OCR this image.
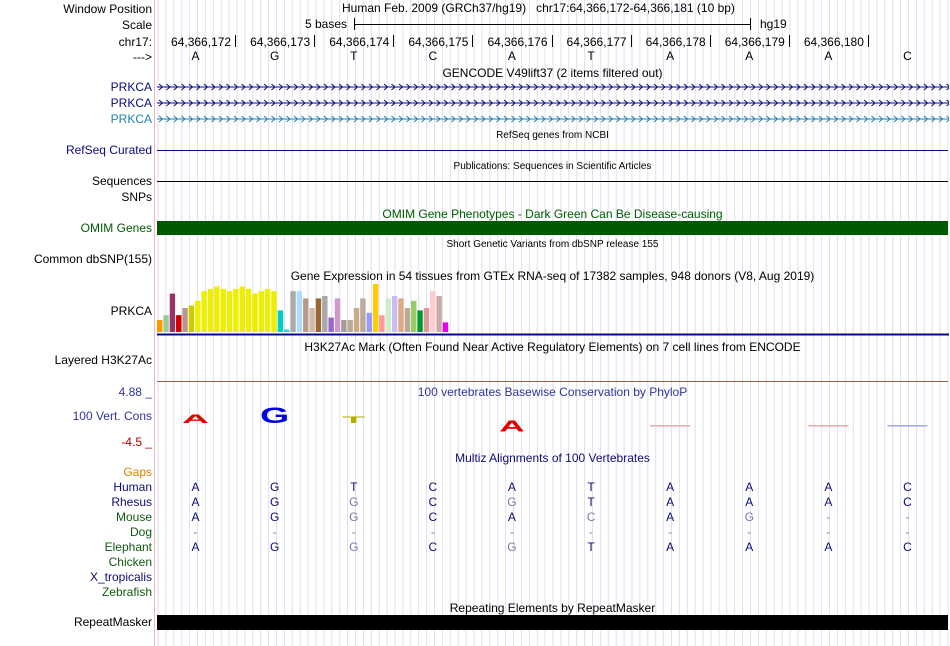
Window Position	Human Feb. 2009 (GRCh37/hg19)   chr17:64,366,172-64,366,181 (10 bp)
Scale	5 bases	hg19
chr17:	64,366,172	64,366,173	64,366,174	64,366,175	64,366,176	64,366,177	64,366,178	64,366,179	64,366,180
--->	A	G	T	C	A	T	A	A	A	C
GENCODE V49lift37 (2 items filtered out)
PRKCA
PRKCA
PRKCA
RefSeq genes from NCBI
RefSeq Curated
Publications: Sequences in Scientific Articles
Sequences
SNPs
OMIM Gene Phenotypes - Dark Green Can Be Disease-causing
OMIM Genes
Short Genetic Variants from dbSNP release 155
Common dbSNP(155)
Gene Expression in 54 tissues from GTEx RNA-seq of 17382 samples, 948 donors (V8, Aug 2019)
PRKCA
H3K27Ac Mark (Often Found Near Active Regulatory Elements) on 7 cell lines from ENCODE
Layered H3K27Ac
100 vertebrates Basewise Conservation by PhyloP
4.88 _
100 Vert. Cons
-4.5 _
A G T	A
Multiz Alignments of 100 Vertebrates
Gaps
Human	A	G	T	C	A	T	A	A	A	C
Rhesus	A	G	G	C	G	T	A	A	A	C
Mouse	A	G	G	C	A	C	A	G	-	-
Dog	-	-	-	-	-	-	-	-	-	-
Elephant	A	G	G	C	G	T	A	A	A	C
Chicken
X_tropicalis
Zebrafish
Repeating Elements by RepeatMasker
RepeatMasker
